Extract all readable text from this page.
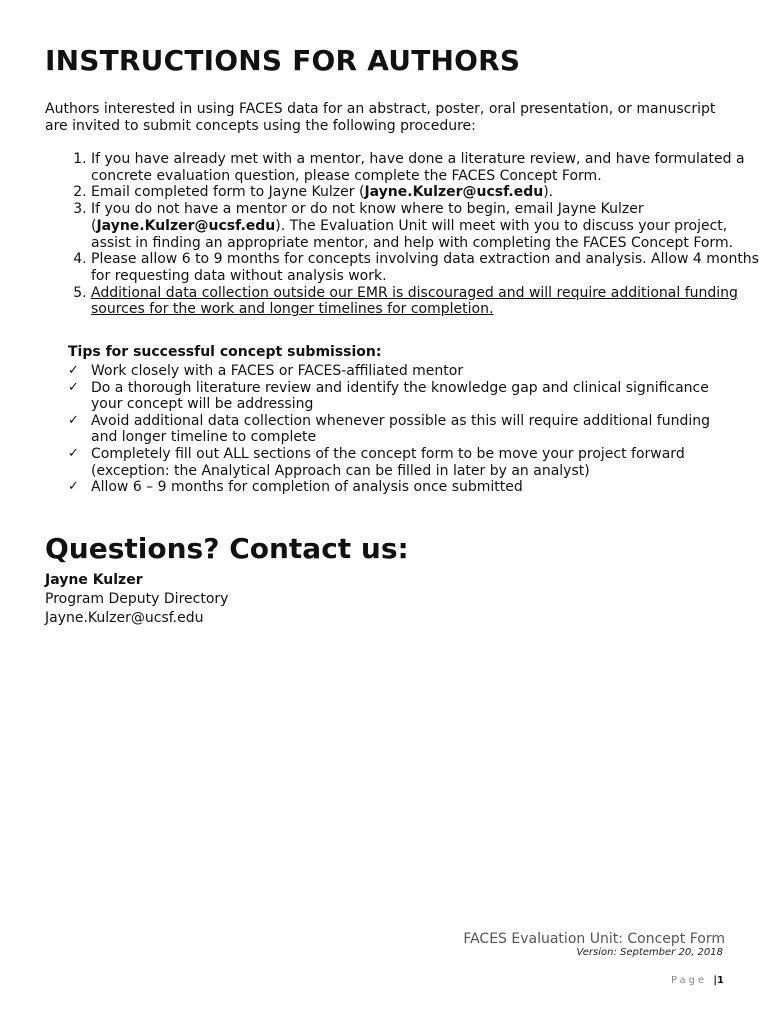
INSTRUCTIONS FOR AUTHORS

Authors interested in using FACES data for an abstract, poster, oral presentation, or manuscript are invited to submit concepts using the following procedure:

1. If you have already met with a mentor, have done a literature review, and have formulated a concrete evaluation question, please complete the FACES Concept Form.
2. Email completed form to Jayne Kulzer (Jayne.Kulzer@ucsf.edu).
3. If you do not have a mentor or do not know where to begin, email Jayne Kulzer (Jayne.Kulzer@ucsf.edu). The Evaluation Unit will meet with you to discuss your project, assist in finding an appropriate mentor, and help with completing the FACES Concept Form.
4. Please allow 6 to 9 months for concepts involving data extraction and analysis. Allow 4 months for requesting data without analysis work.
5. Additional data collection outside our EMR is discouraged and will require additional funding sources for the work and longer timelines for completion.

Tips for successful concept submission:

✓ Work closely with a FACES or FACES-affiliated mentor
✓ Do a thorough literature review and identify the knowledge gap and clinical significance your concept will be addressing
✓ Avoid additional data collection whenever possible as this will require additional funding and longer timeline to complete
✓ Completely fill out ALL sections of the concept form to be move your project forward (exception: the Analytical Approach can be filled in later by an analyst)
✓ Allow 6 – 9 months for completion of analysis once submitted
Questions? Contact us:

Jayne Kulzer

Program Deputy Directory

Jayne.Kulzer@ucsf.edu

FACES Evaluation Unit: Concept Form

Version: September 20, 2018

Page |1
